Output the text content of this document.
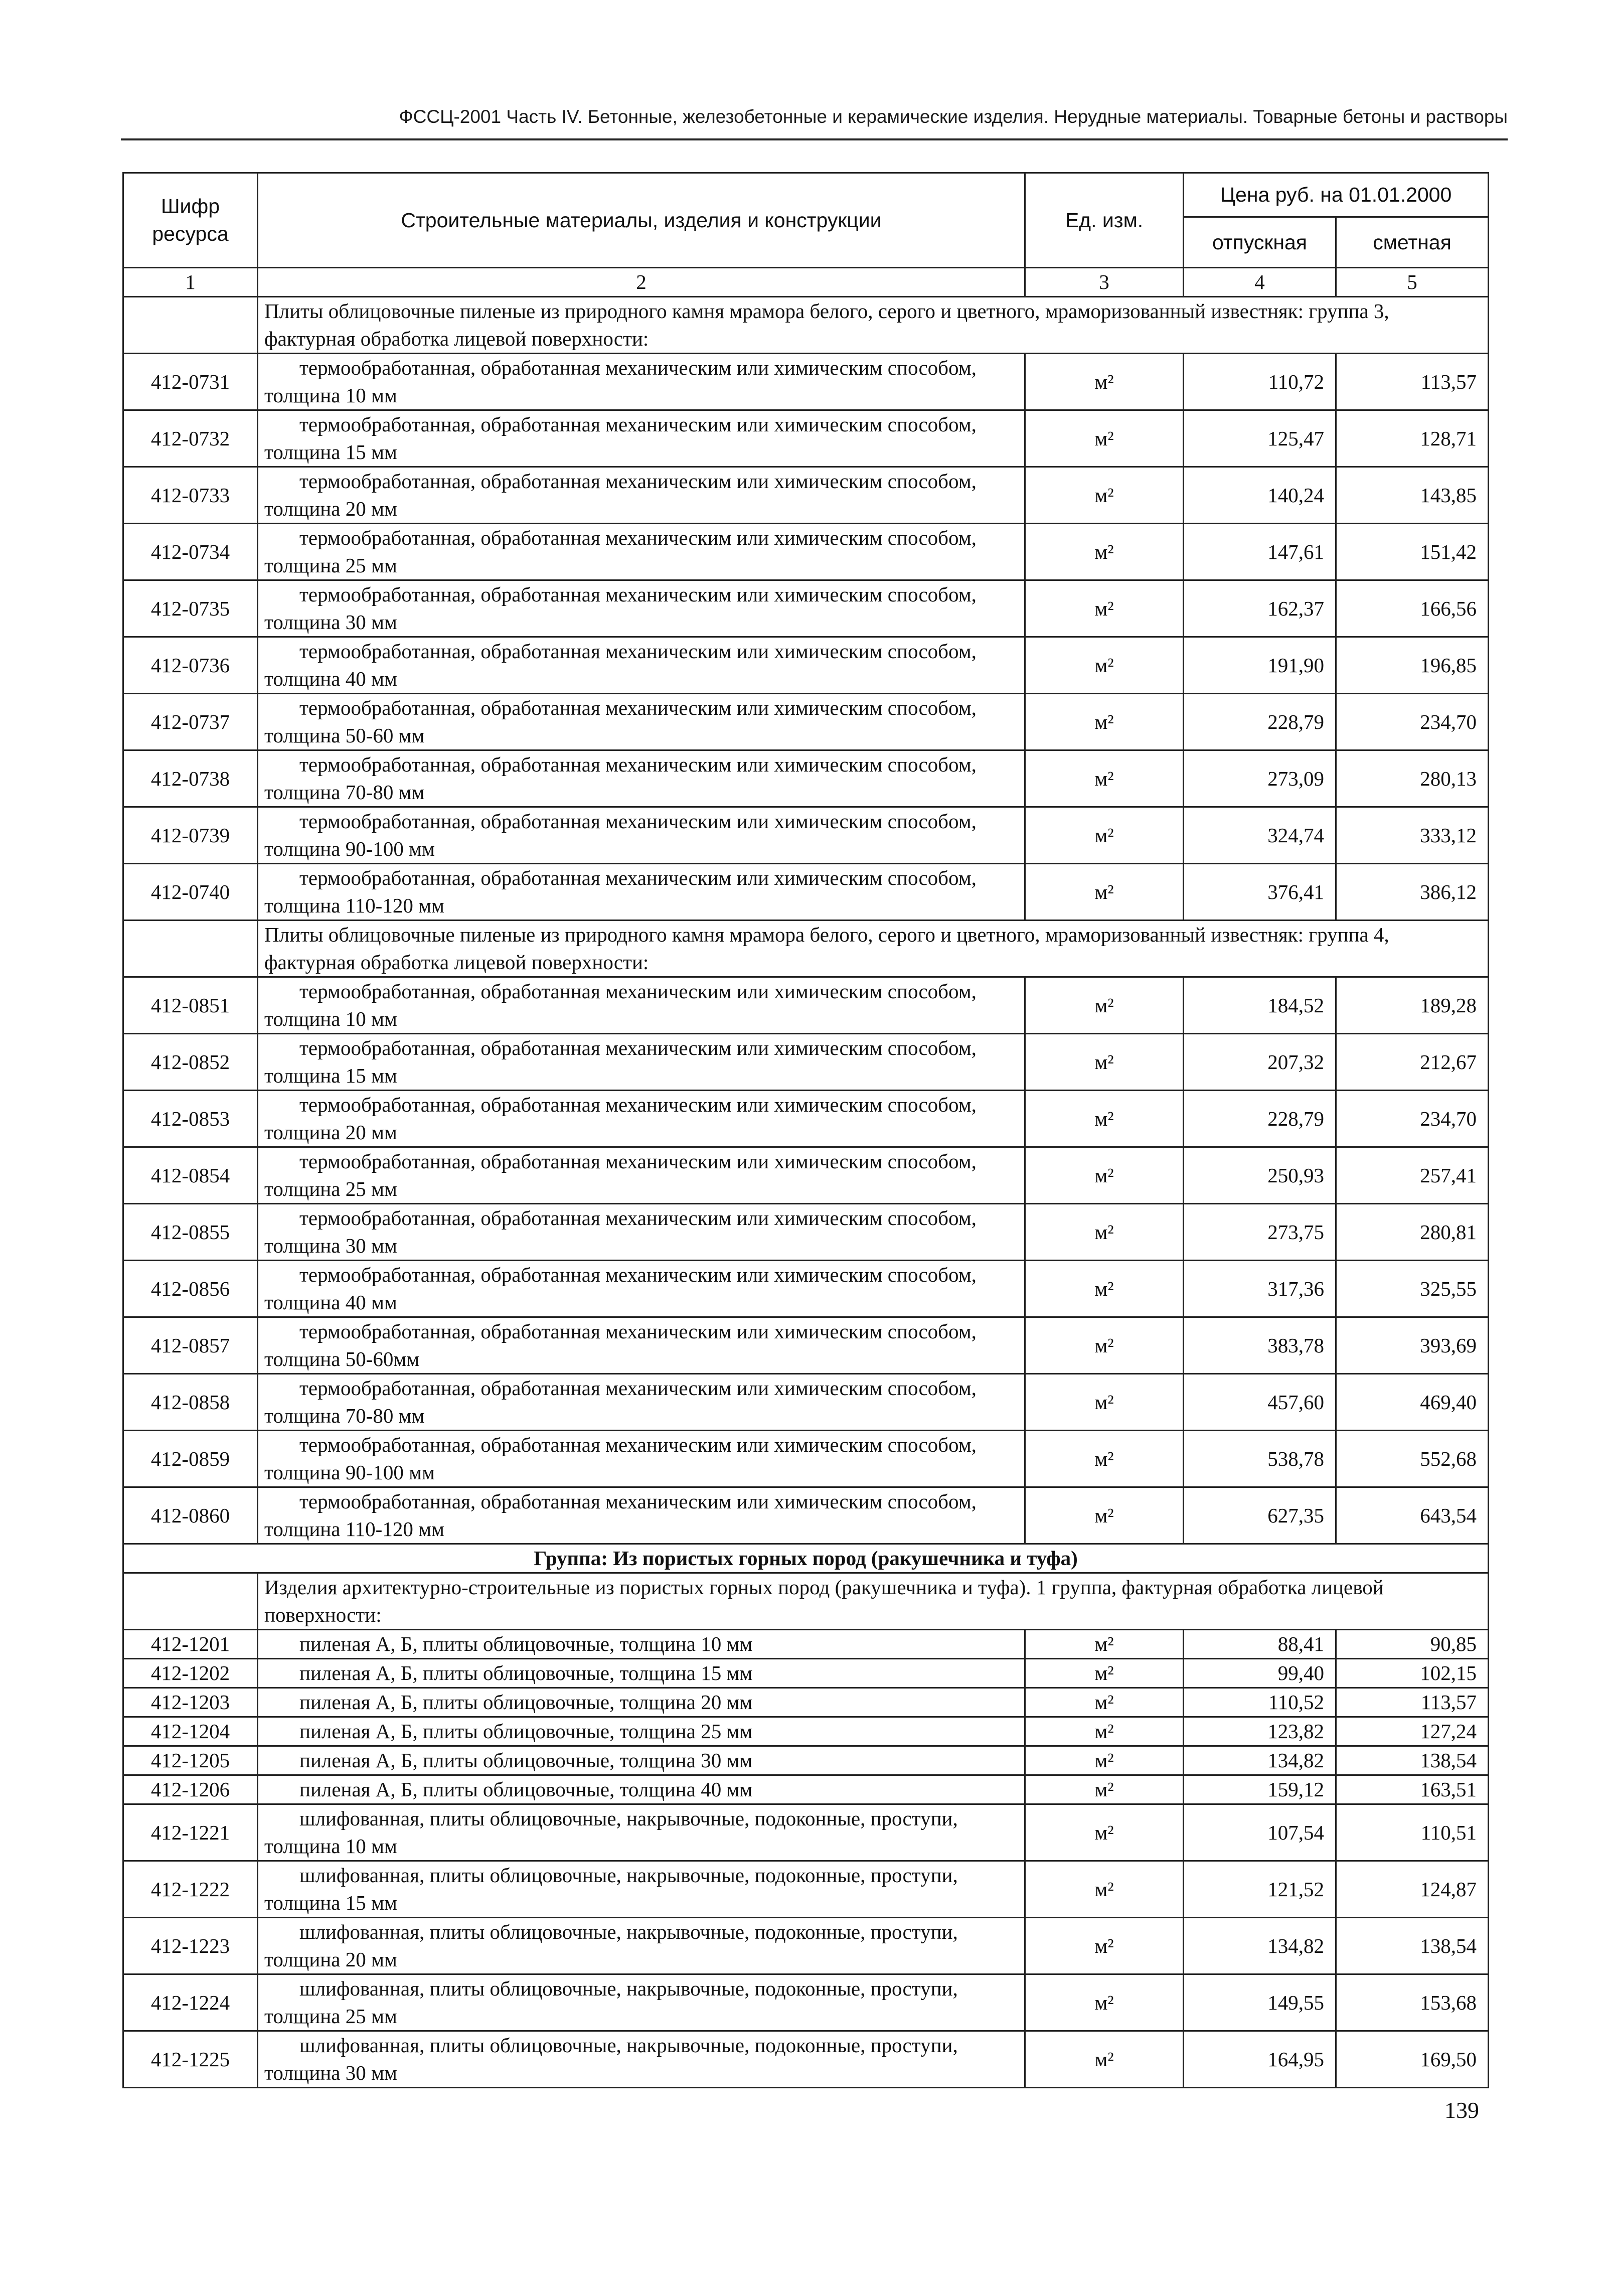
ФССЦ-2001 Часть IV. Бетонные, железобетонные и керамические изделия. Нерудные материалы. Товарные бетоны и растворы
Шифр ресурса	Строительные материалы, изделия и конструкции	Ед. изм.	Цена руб. на 01.01.2000	
			отпускная	сметная
1	2	3	4	5
	Плиты облицовочные пиленые из природного камня мрамора белого, серого и цветного, мраморизованный известняк: группа 3, фактурная обработка лицевой поверхности:			
412-0731	термообработанная, обработанная механическим или химическим способом, толщина 10 мм	м²	110,72	113,57
412-0732	термообработанная, обработанная механическим или химическим способом, толщина 15 мм	м²	125,47	128,71
412-0733	термообработанная, обработанная механическим или химическим способом, толщина 20 мм	м²	140,24	143,85
412-0734	термообработанная, обработанная механическим или химическим способом, толщина 25 мм	м²	147,61	151,42
412-0735	термообработанная, обработанная механическим или химическим способом, толщина 30 мм	м²	162,37	166,56
412-0736	термообработанная, обработанная механическим или химическим способом, толщина 40 мм	м²	191,90	196,85
412-0737	термообработанная, обработанная механическим или химическим способом, толщина 50-60 мм	м²	228,79	234,70
412-0738	термообработанная, обработанная механическим или химическим способом, толщина 70-80 мм	м²	273,09	280,13
412-0739	термообработанная, обработанная механическим или химическим способом, толщина 90-100 мм	м²	324,74	333,12
412-0740	термообработанная, обработанная механическим или химическим способом, толщина 110-120 мм	м²	376,41	386,12
	Плиты облицовочные пиленые из природного камня мрамора белого, серого и цветного, мраморизованный известняк: группа 4, фактурная обработка лицевой поверхности:			
412-0851	термообработанная, обработанная механическим или химическим способом, толщина 10 мм	м²	184,52	189,28
412-0852	термообработанная, обработанная механическим или химическим способом, толщина 15 мм	м²	207,32	212,67
412-0853	термообработанная, обработанная механическим или химическим способом, толщина 20 мм	м²	228,79	234,70
412-0854	термообработанная, обработанная механическим или химическим способом, толщина 25 мм	м²	250,93	257,41
412-0855	термообработанная, обработанная механическим или химическим способом, толщина 30 мм	м²	273,75	280,81
412-0856	термообработанная, обработанная механическим или химическим способом, толщина 40 мм	м²	317,36	325,55
412-0857	термообработанная, обработанная механическим или химическим способом, толщина 50-60мм	м²	383,78	393,69
412-0858	термообработанная, обработанная механическим или химическим способом, толщина 70-80 мм	м²	457,60	469,40
412-0859	термообработанная, обработанная механическим или химическим способом, толщина 90-100 мм	м²	538,78	552,68
412-0860	термообработанная, обработанная механическим или химическим способом, толщина 110-120 мм	м²	627,35	643,54
Группа: Из пористых горных пород (ракушечника и туфа)				
	Изделия архитектурно-строительные из пористых горных пород (ракушечника и туфа). 1 группа, фактурная обработка лицевой поверхности:			
412-1201	пиленая А, Б, плиты облицовочные, толщина 10 мм	м²	88,41	90,85
412-1202	пиленая А, Б, плиты облицовочные, толщина 15 мм	м²	99,40	102,15
412-1203	пиленая А, Б, плиты облицовочные, толщина 20 мм	м²	110,52	113,57
412-1204	пиленая А, Б, плиты облицовочные, толщина 25 мм	м²	123,82	127,24
412-1205	пиленая А, Б, плиты облицовочные, толщина 30 мм	м²	134,82	138,54
412-1206	пиленая А, Б, плиты облицовочные, толщина 40 мм	м²	159,12	163,51
412-1221	шлифованная, плиты облицовочные, накрывочные, подоконные, проступи, толщина 10 мм	м²	107,54	110,51
412-1222	шлифованная, плиты облицовочные, накрывочные, подоконные, проступи, толщина 15 мм	м²	121,52	124,87
412-1223	шлифованная, плиты облицовочные, накрывочные, подоконные, проступи, толщина 20 мм	м²	134,82	138,54
412-1224	шлифованная, плиты облицовочные, накрывочные, подоконные, проступи, толщина 25 мм	м²	149,55	153,68
412-1225	шлифованная, плиты облицовочные, накрывочные, подоконные, проступи, толщина 30 мм	м²	164,95	169,50
139
